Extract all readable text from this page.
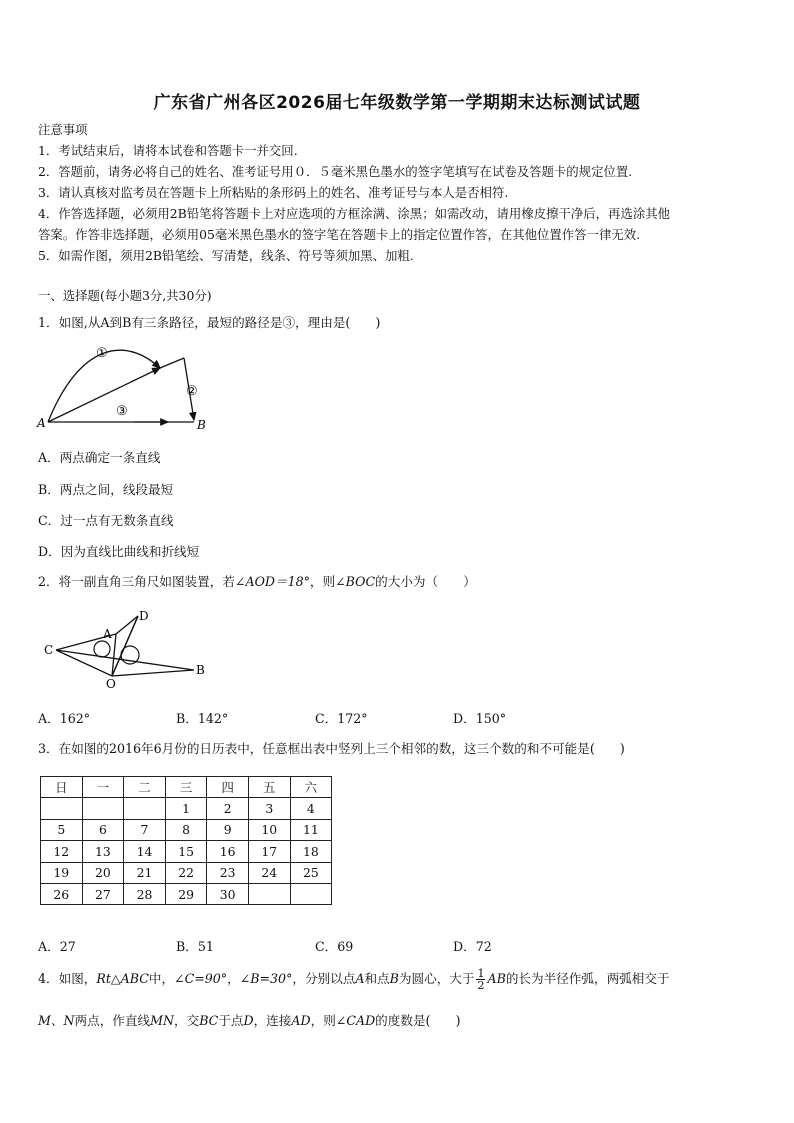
广东省广州各区2026届七年级数学第一学期期末达标测试试题
注意事项
1．考试结束后，请将本试卷和答题卡一并交回.
2．答题前，请务必将自己的姓名、准考证号用０．５毫米黑色墨水的签字笔填写在试卷及答题卡的规定位置.
3．请认真核对监考员在答题卡上所粘贴的条形码上的姓名、准考证号与本人是否相符.
4．作答选择题，必须用2B铅笔将答题卡上对应选项的方框涂满、涂黑；如需改动，请用橡皮擦干净后，再选涂其他
答案。作答非选择题，必须用05毫米黑色墨水的签字笔在答题卡上的指定位置作答，在其他位置作答一律无效.
5．如需作图，须用2B铅笔绘、写清楚，线条、符号等须加黑、加粗.
一、选择题(每小题3分,共30分)
1．如图,从A到B有三条路径，最短的路径是③，理由是(　　)
A	B
①
②
③
A．两点确定一条直线
B．两点之间，线段最短
C．过一点有无数条直线
D．因为直线比曲线和折线短
2．将一副直角三角尺如图装置，若∠AOD＝18°，则∠BOC的大小为（　　）
C
A
D
O
B
A．162°	B．142°	C．172°	D．150°
3．在如图的2016年6月份的日历表中，任意框出表中竖列上三个相邻的数，这三个数的和不可能是(　　)
日	一	二	三	四	五	六
			1	2	3	4
5	6	7	8	9	10	11
12	13	14	15	16	17	18
19	20	21	22	23	24	25
26	27	28	29	30		
A．27	B．51	C．69	D．72
4．如图，Rt△ABC中，∠C=90°，∠B=30°，分别以点A和点B为圆心，大于 $\frac{1}{2}$ AB的长为半径作弧，两弧相交于
M、N两点，作直线MN，交BC于点D，连接AD，则∠CAD的度数是(　　)
